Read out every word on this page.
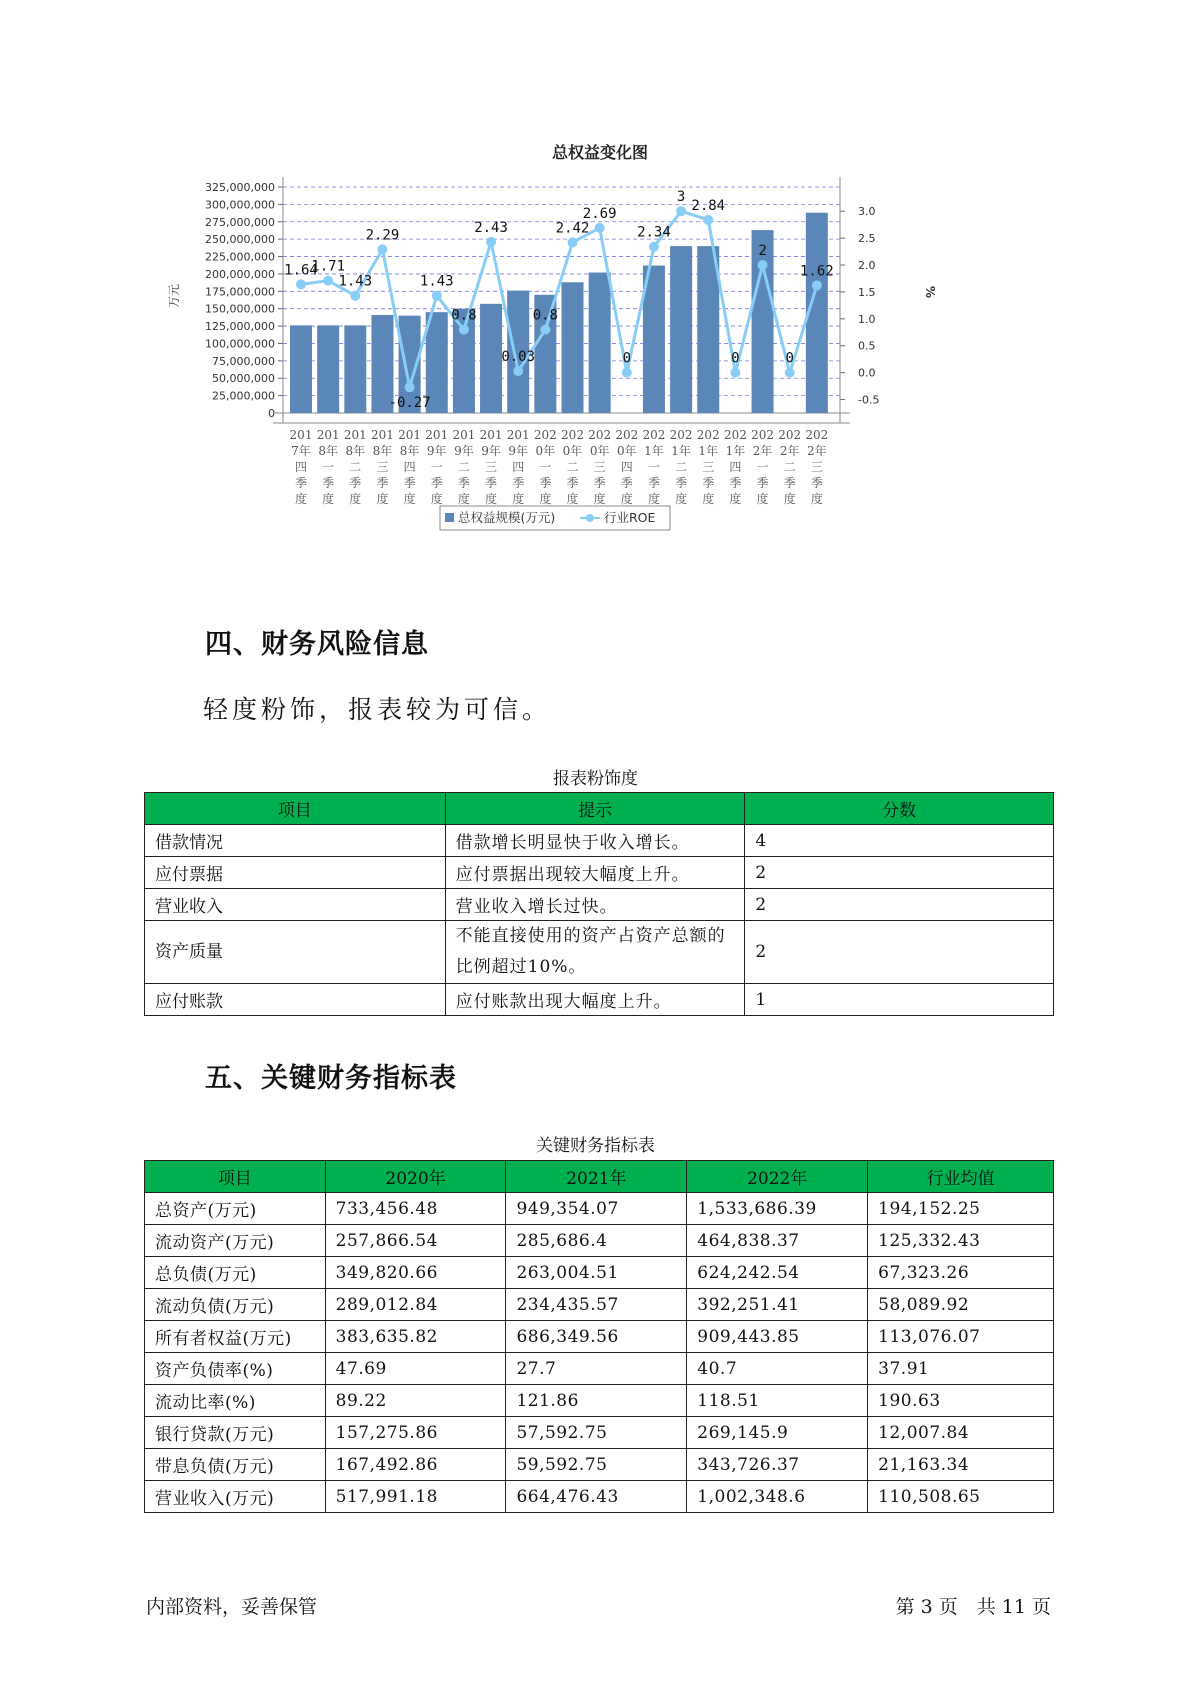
总权益变化图
325,000,000
300,000,000
275,000,000
250,000,000
225,000,000
200,000,000
175,000,000
150,000,000
125,000,000
100,000,000
75,000,000
50,000,000
25,000,000
0
3.0
2.5
2.0
1.5
1.0
0.5
0.0
-0.5
万元	%
1.64
1.71
1.43
2.29
-0.27
1.43
0.8
2.43
0.03
0.8
2.42
2.69
0
2.34
3
2.84
0
2
0
1.62
201
7年
四
季
度
201
8年
一
季
度
201
8年
二
季
度
201
8年
三
季
度
201
8年
四
季
度
201
9年
一
季
度
201
9年
二
季
度
201
9年
三
季
度
201
9年
四
季
度
202
0年
一
季
度
202
0年
二
季
度
202
0年
三
季
度
202
0年
四
季
度
202
1年
一
季
度
202
1年
二
季
度
202
1年
三
季
度
202
1年
四
季
度
202
2年
一
季
度
202
2年
二
季
度
202
2年
三
季
度
总权益规模(万元)	行业ROE
四、财务风险信息
轻度粉饰，报表较为可信。
报表粉饰度
项目	提示	分数
借款情况	借款增长明显快于收入增长。	4
应付票据	应付票据出现较大幅度上升。	2
营业收入	营业收入增长过快。	2
资产质量	不能直接使用的资产占资产总额的比例超过10%。	2
应付账款	应付账款出现大幅度上升。	1
五、关键财务指标表
关键财务指标表
项目	2020年	2021年	2022年	行业均值
总资产(万元)	733,456.48	949,354.07	1,533,686.39	194,152.25
流动资产(万元)	257,866.54	285,686.4	464,838.37	125,332.43
总负债(万元)	349,820.66	263,004.51	624,242.54	67,323.26
流动负债(万元)	289,012.84	234,435.57	392,251.41	58,089.92
所有者权益(万元)	383,635.82	686,349.56	909,443.85	113,076.07
资产负债率(%)	47.69	27.7	40.7	37.91
流动比率(%)	89.22	121.86	118.51	190.63
银行贷款(万元)	157,275.86	57,592.75	269,145.9	12,007.84
带息负债(万元)	167,492.86	59,592.75	343,726.37	21,163.34
营业收入(万元)	517,991.18	664,476.43	1,002,348.6	110,508.65
内部资料，妥善保管	第 3 页　共 11 页
